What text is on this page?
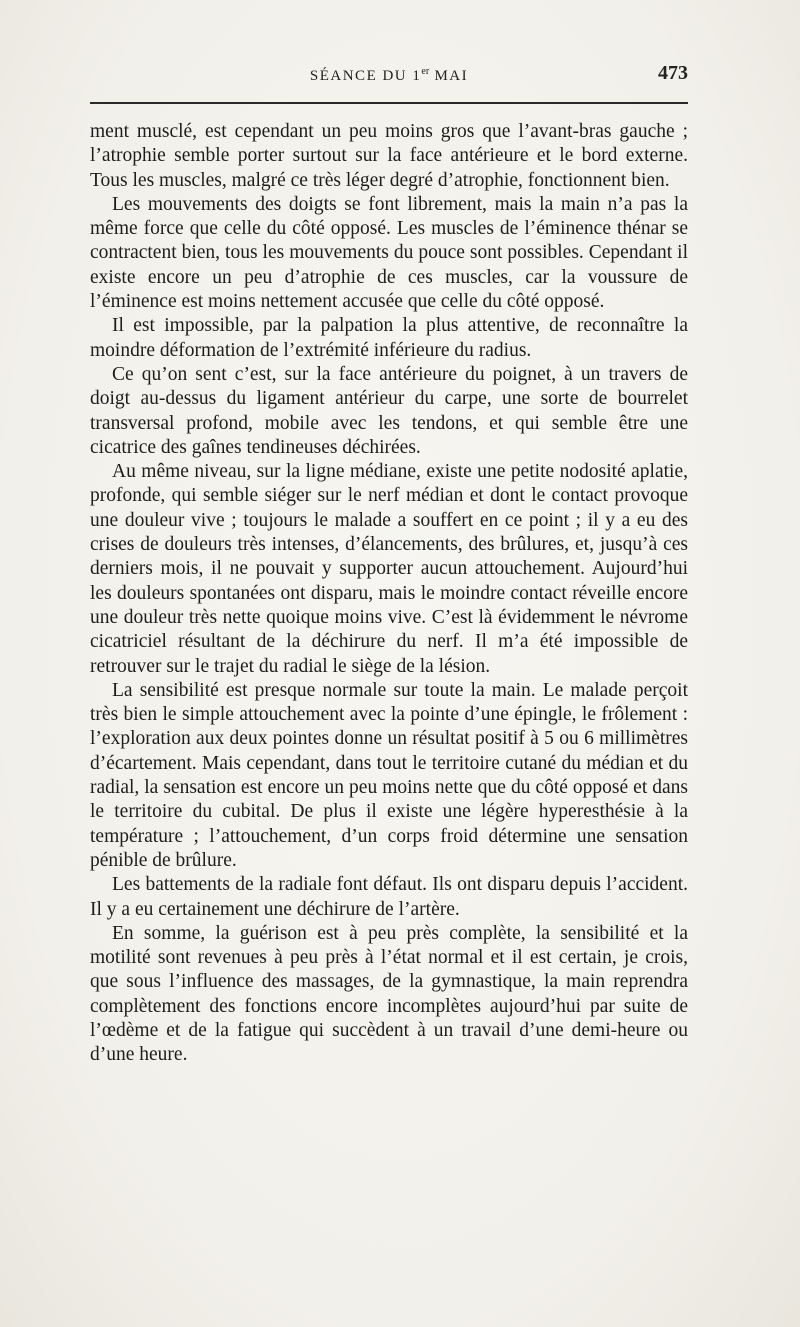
SÉANCE DU 1er MAI	473

ment musclé, est cependant un peu moins gros que l’avant-bras gauche ; l’atrophie semble porter surtout sur la face antérieure et le bord externe. Tous les muscles, malgré ce très léger degré d’atrophie, fonctionnent bien.

Les mouvements des doigts se font librement, mais la main n’a pas la même force que celle du côté opposé. Les muscles de l’éminence thénar se contractent bien, tous les mouvements du pouce sont possibles. Cependant il existe encore un peu d’atrophie de ces muscles, car la voussure de l’éminence est moins nettement accusée que celle du côté opposé.

Il est impossible, par la palpation la plus attentive, de reconnaître la moindre déformation de l’extrémité inférieure du radius.

Ce qu’on sent c’est, sur la face antérieure du poignet, à un travers de doigt au-dessus du ligament antérieur du carpe, une sorte de bourrelet transversal profond, mobile avec les tendons, et qui semble être une cicatrice des gaînes tendineuses déchirées.

Au même niveau, sur la ligne médiane, existe une petite nodosité aplatie, profonde, qui semble siéger sur le nerf médian et dont le contact provoque une douleur vive ; toujours le malade a souffert en ce point ; il y a eu des crises de douleurs très intenses, d’élancements, des brûlures, et, jusqu’à ces derniers mois, il ne pouvait y supporter aucun attouchement. Aujourd’hui les douleurs spontanées ont disparu, mais le moindre contact réveille encore une douleur très nette quoique moins vive. C’est là évidemment le névrome cicatriciel résultant de la déchirure du nerf. Il m’a été impossible de retrouver sur le trajet du radial le siège de la lésion.

La sensibilité est presque normale sur toute la main. Le malade perçoit très bien le simple attouchement avec la pointe d’une épingle, le frôlement : l’exploration aux deux pointes donne un résultat positif à 5 ou 6 millimètres d’écartement. Mais cependant, dans tout le territoire cutané du médian et du radial, la sensation est encore un peu moins nette que du côté opposé et dans le territoire du cubital. De plus il existe une légère hyperesthésie à la température ; l’attouchement, d’un corps froid détermine une sensation pénible de brûlure.

Les battements de la radiale font défaut. Ils ont disparu depuis l’accident. Il y a eu certainement une déchirure de l’artère.

En somme, la guérison est à peu près complète, la sensibilité et la motilité sont revenues à peu près à l’état normal et il est certain, je crois, que sous l’influence des massages, de la gymnastique, la main reprendra complètement des fonctions encore incomplètes aujourd’hui par suite de l’œdème et de la fatigue qui succèdent à un travail d’une demi-heure ou d’une heure.
